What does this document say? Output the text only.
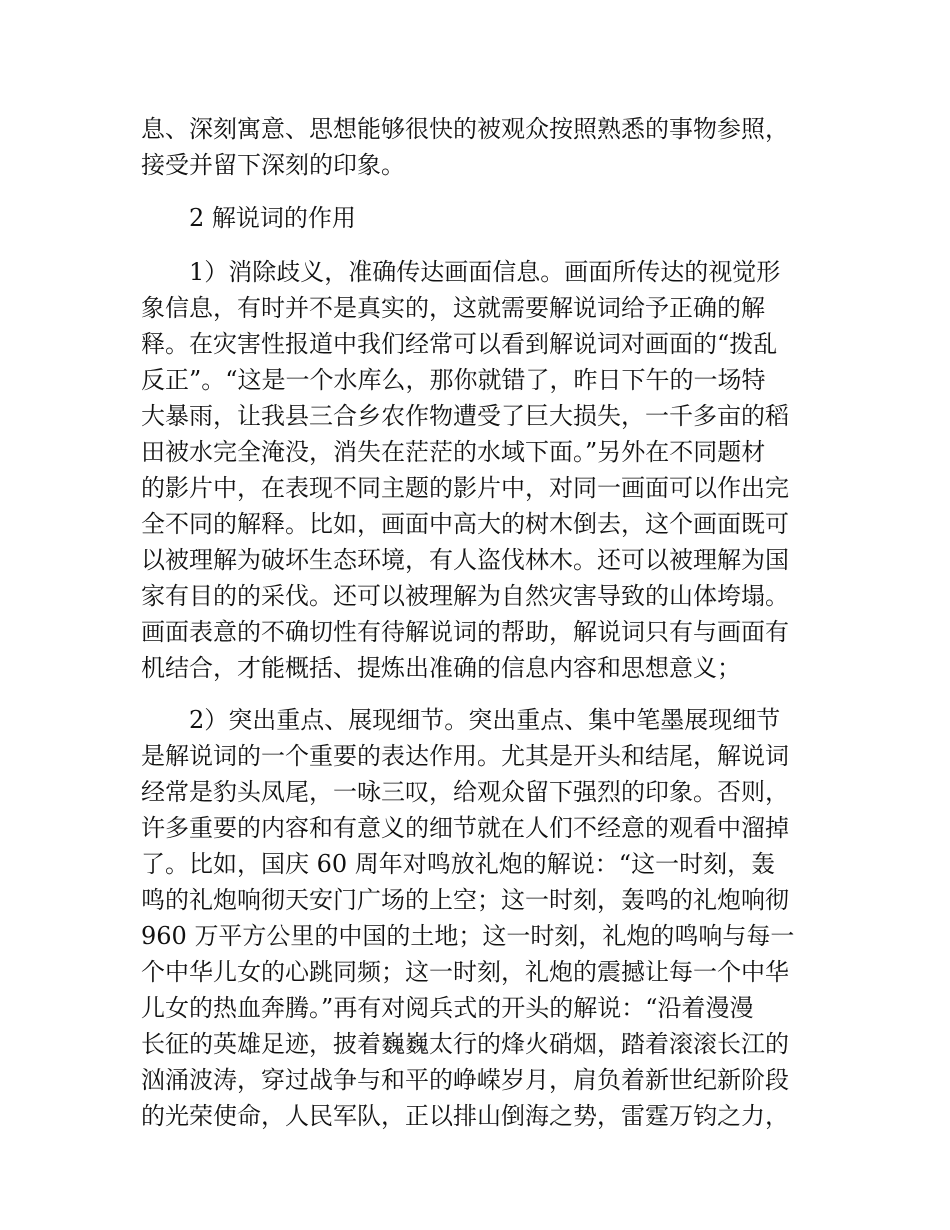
息、深刻寓意、思想能够很快的被观众按照熟悉的事物参照，
接受并留下深刻的印象。
　　2 解说词的作用
　　1）消除歧义，准确传达画面信息。画面所传达的视觉形
象信息，有时并不是真实的，这就需要解说词给予正确的解
释。在灾害性报道中我们经常可以看到解说词对画面的“拨乱
反正”。“这是一个水库么，那你就错了，昨日下午的一场特
大暴雨，让我县三合乡农作物遭受了巨大损失，一千多亩的稻
田被水完全淹没，消失在茫茫的水域下面。”另外在不同题材
的影片中，在表现不同主题的影片中，对同一画面可以作出完
全不同的解释。比如，画面中高大的树木倒去，这个画面既可
以被理解为破坏生态环境，有人盗伐林木。还可以被理解为国
家有目的的采伐。还可以被理解为自然灾害导致的山体垮塌。
画面表意的不确切性有待解说词的帮助，解说词只有与画面有
机结合，才能概括、提炼出准确的信息内容和思想意义；
　　2）突出重点、展现细节。突出重点、集中笔墨展现细节
是解说词的一个重要的表达作用。尤其是开头和结尾，解说词
经常是豹头凤尾，一咏三叹，给观众留下强烈的印象。否则，
许多重要的内容和有意义的细节就在人们不经意的观看中溜掉
了。比如，国庆 60 周年对鸣放礼炮的解说：“这一时刻，轰
鸣的礼炮响彻天安门广场的上空；这一时刻，轰鸣的礼炮响彻
960 万平方公里的中国的土地；这一时刻，礼炮的鸣响与每一
个中华儿女的心跳同频；这一时刻，礼炮的震撼让每一个中华
儿女的热血奔腾。”再有对阅兵式的开头的解说：“沿着漫漫
长征的英雄足迹，披着巍巍太行的烽火硝烟，踏着滚滚长江的
汹涌波涛，穿过战争与和平的峥嵘岁月，肩负着新世纪新阶段
的光荣使命，人民军队，正以排山倒海之势，雷霆万钧之力，
